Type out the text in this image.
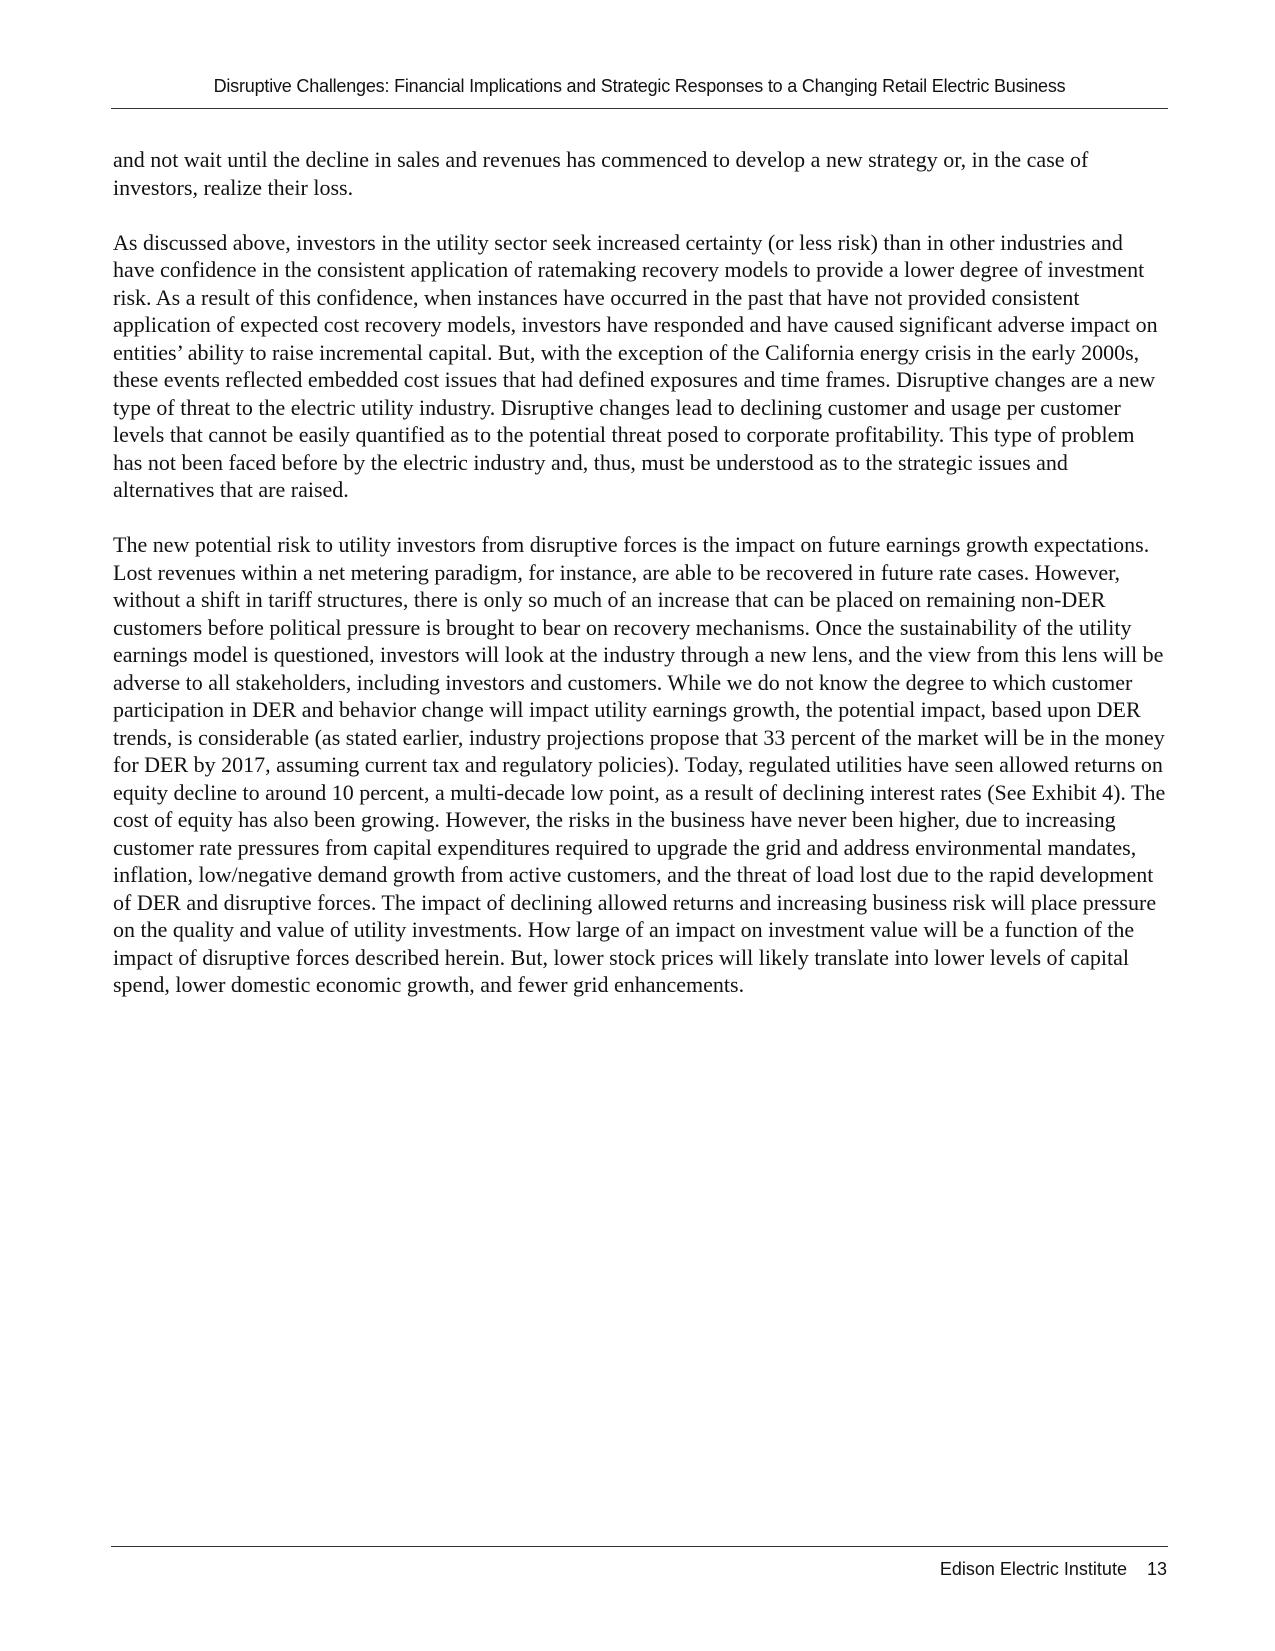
Disruptive Challenges: Financial Implications and Strategic Responses to a Changing Retail Electric Business

and not wait until the decline in sales and revenues has commenced to develop a new strategy or, in the case of investors, realize their loss.

As discussed above, investors in the utility sector seek increased certainty (or less risk) than in other industries and have confidence in the consistent application of ratemaking recovery models to provide a lower degree of investment risk. As a result of this confidence, when instances have occurred in the past that have not provided consistent application of expected cost recovery models, investors have responded and have caused significant adverse impact on entities’ ability to raise incremental capital. But, with the exception of the California energy crisis in the early 2000s, these events reflected embedded cost issues that had defined exposures and time frames. Disruptive changes are a new type of threat to the electric utility industry. Disruptive changes lead to declining customer and usage per customer levels that cannot be easily quantified as to the potential threat posed to corporate profitability. This type of problem has not been faced before by the electric industry and, thus, must be understood as to the strategic issues and alternatives that are raised.

The new potential risk to utility investors from disruptive forces is the impact on future earnings growth expectations. Lost revenues within a net metering paradigm, for instance, are able to be recovered in future rate cases. However, without a shift in tariff structures, there is only so much of an increase that can be placed on remaining non-DER customers before political pressure is brought to bear on recovery mechanisms. Once the sustainability of the utility earnings model is questioned, investors will look at the industry through a new lens, and the view from this lens will be adverse to all stakeholders, including investors and customers. While we do not know the degree to which customer participation in DER and behavior change will impact utility earnings growth, the potential impact, based upon DER trends, is considerable (as stated earlier, industry projections propose that 33 percent of the market will be in the money for DER by 2017, assuming current tax and regulatory policies). Today, regulated utilities have seen allowed returns on equity decline to around 10 percent, a multi-decade low point, as a result of declining interest rates (See Exhibit 4). The cost of equity has also been growing. However, the risks in the business have never been higher, due to increasing customer rate pressures from capital expenditures required to upgrade the grid and address environmental mandates, inflation, low/negative demand growth from active customers, and the threat of load lost due to the rapid development of DER and disruptive forces. The impact of declining allowed returns and increasing business risk will place pressure on the quality and value of utility investments. How large of an impact on investment value will be a function of the impact of disruptive forces described herein. But, lower stock prices will likely translate into lower levels of capital spend, lower domestic economic growth, and fewer grid enhancements.

Edison Electric Institute 13
